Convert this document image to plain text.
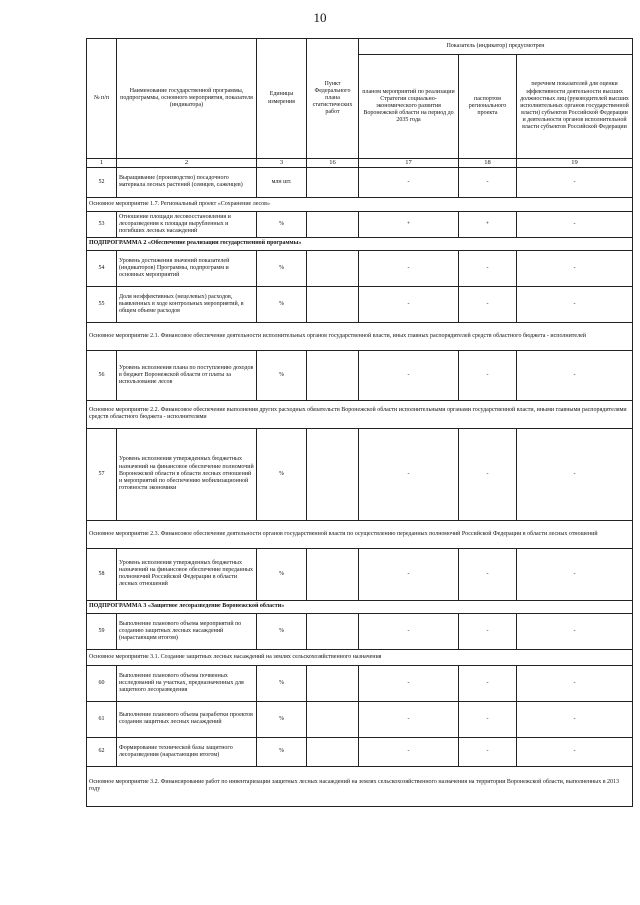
10
№ п/п	Наименование государственной программы, подпрограммы, основного мероприятия, показателя (индикатора)	Единицы измерения	Пункт Федерального плана статистических работ	Показатель (индикатор) предусмотрен		
				планом мероприятий по реализации Стратегии социально-экономического развития Воронежской области на период до 2035 года	паспортом регионального проекта	перечнем показателей для оценки эффективности деятельности высших должностных лиц (руководителей высших исполнительных органов государственной власти) субъектов Российской Федерации и деятельности органов исполнительной власти субъектов Российской Федерации
1	2	3	16	17	18	19
52	Выращивание (производство) посадочного материала лесных растений (сеянцев, саженцев)	млн шт.		-	-	-
Основное мероприятие 1.7. Региональный проект «Сохранение лесов»						
53	Отношение площади лесовосстановления и лесоразведения к площади вырубленных и погибших лесных насаждений	%		+	+	-
ПОДПРОГРАММА 2 «Обеспечение реализации государственной программы»						
54	Уровень достижения значений показателей (индикаторов) Программы, подпрограмм и основных мероприятий	%		-	-	-
55	Доля неэффективных (нецелевых) расходов, выявленных в ходе контрольных мероприятий, в общем объеме расходов	%		-	-	-
Основное мероприятие 2.1. Финансовое обеспечение деятельности исполнительных органов государственной власти, иных главных распорядителей средств областного бюджета - исполнителей						
56	Уровень исполнения плана по поступлению доходов в бюджет Воронежской области от платы за использование лесов	%		-	-	-
Основное мероприятие 2.2. Финансовое обеспечение выполнения других расходных обязательств Воронежской области исполнительными органами государственной власти, иными главными распорядителями средств областного бюджета - исполнителями						
57	Уровень исполнения утвержденных бюджетных назначений на финансовое обеспечение полномочий Воронежской области в области лесных отношений и мероприятий по обеспечению мобилизационной готовности экономики	%		-	-	-
Основное мероприятие 2.3. Финансовое обеспечение деятельности органов государственной власти по осуществлению переданных полномочий Российской Федерации в области лесных отношений						
58	Уровень исполнения утвержденных бюджетных назначений на финансовое обеспечение переданных полномочий Российской Федерации в области лесных отношений	%		-	-	-
ПОДПРОГРАММА 3 «Защитное лесоразведение Воронежской области»						
59	Выполнение планового объема мероприятий по созданию защитных лесных насаждений (нарастающим итогом)	%		-	-	-
Основное мероприятие 3.1. Создание защитных лесных насаждений на землях сельскохозяйственного назначения						
60	Выполнение планового объема почвенных исследований на участках, предназначенных для защитного лесоразведения	%		-	-	-
61	Выполнение планового объема разработки проектов создания защитных лесных насаждений	%		-	-	-
62	Формирование технической базы защитного лесоразведения (нарастающим итогом)	%		-	-	-
Основное мероприятие 3.2. Финансирование работ по инвентаризации защитных лесных насаждений на землях сельскохозяйственного назначения на территории Воронежской области, выполненных в 2013 году						
